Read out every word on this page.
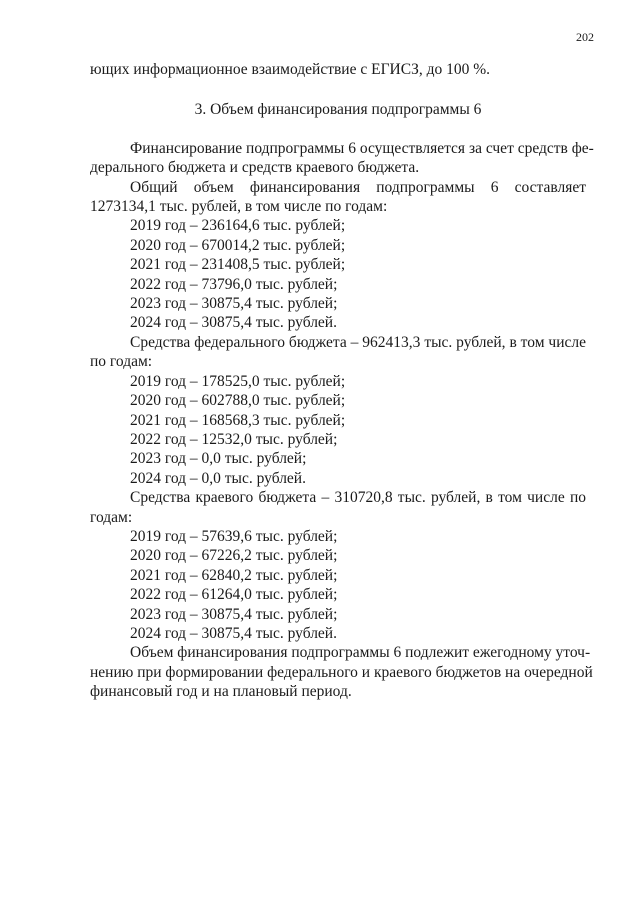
202
ющих информационное взаимодействие с ЕГИСЗ, до 100 %.
3. Объем финансирования подпрограммы 6
Финансирование подпрограммы 6 осуществляется за счет средств фе-
дерального бюджета и средств краевого бюджета.
Общий объем финансирования подпрограммы 6 составляет
1273134,1 тыс. рублей, в том числе по годам:
2019 год – 236164,6 тыс. рублей;
2020 год – 670014,2 тыс. рублей;
2021 год – 231408,5 тыс. рублей;
2022 год – 73796,0 тыс. рублей;
2023 год – 30875,4 тыс. рублей;
2024 год – 30875,4 тыс. рублей.
Средства федерального бюджета – 962413,3 тыс. рублей, в том числе
по годам:
2019 год – 178525,0 тыс. рублей;
2020 год – 602788,0 тыс. рублей;
2021 год – 168568,3 тыс. рублей;
2022 год – 12532,0 тыс. рублей;
2023 год – 0,0 тыс. рублей;
2024 год – 0,0 тыс. рублей.
Средства краевого бюджета – 310720,8 тыс. рублей, в том числе по
годам:
2019 год – 57639,6 тыс. рублей;
2020 год – 67226,2 тыс. рублей;
2021 год – 62840,2 тыс. рублей;
2022 год – 61264,0 тыс. рублей;
2023 год – 30875,4 тыс. рублей;
2024 год – 30875,4 тыс. рублей.
Объем финансирования подпрограммы 6 подлежит ежегодному уточ-
нению при формировании федерального и краевого бюджетов на очередной
финансовый год и на плановый период.
